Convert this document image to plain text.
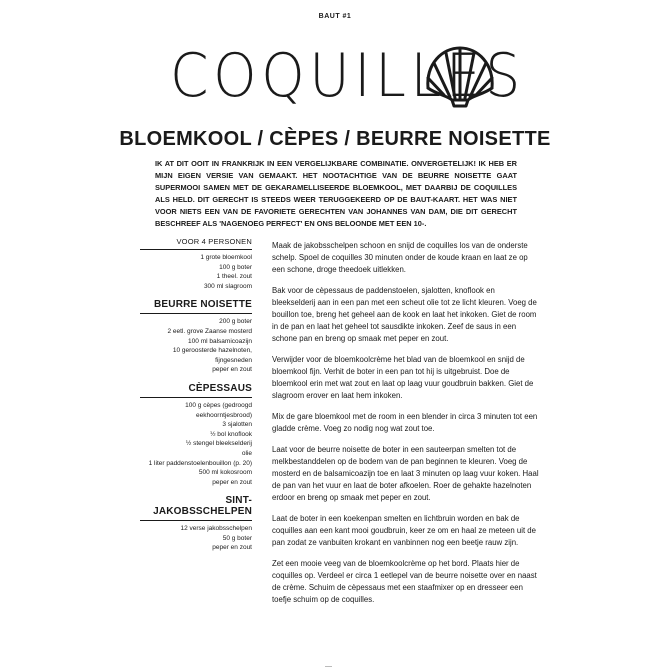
BAUT #1
COQUILLES
BLOEMKOOL / CÈPES / BEURRE NOISETTE
IK AT DIT OOIT IN FRANKRIJK IN EEN VERGELIJKBARE COMBINATIE. ONVERGETELIJK! IK HEB ER MIJN EIGEN VERSIE VAN GEMAAKT. HET NOOTACHTIGE VAN DE BEURRE NOISETTE GAAT SUPERMOOI SAMEN MET DE GEKARAMELLISEERDE BLOEMKOOL, MET DAARBIJ DE COQUILLES ALS HELD. DIT GERECHT IS STEEDS WEER TERUGGEKEERD OP DE BAUT-KAART. HET WAS NIET VOOR NIETS EEN VAN DE FAVORIETE GERECHTEN VAN JOHANNES VAN DAM, DIE DIT GERECHT BESCHREEF ALS 'NAGENOEG PERFECT' EN ONS BELOONDE MET EEN 10-.
VOOR 4 PERSONEN
1 grote bloemkool
100 g boter
1 theel. zout
300 ml slagroom
BEURRE NOISETTE
200 g boter
2 eetl. grove Zaanse mosterd
100 ml balsamicoazijn
10 geroosterde hazelnoten,
fijngesneden
peper en zout
CÈPESSAUS
100 g cèpes (gedroogd
eekhoorntjesbrood)
3 sjalotten
½ bol knoflook
½ stengel bleekselderij
olie
1 liter paddenstoelenbouillon (p. 20)
500 ml kokosroom
peper en zout
SINT-JAKOBSSCHELPEN
12 verse jakobsschelpen
50 g boter
peper en zout

Maak de jakobsschelpen schoon en snijd de coquilles los van de onderste schelp. Spoel de coquilles 30 minuten onder de koude kraan en laat ze op een schone, droge theedoek uitlekken.

Bak voor de cèpessaus de paddenstoelen, sjalotten, knoflook en bleekselderij aan in een pan met een scheut olie tot ze licht kleuren. Voeg de bouillon toe, breng het geheel aan de kook en laat het inkoken. Giet de room in de pan en laat het geheel tot sausdikte inkoken. Zeef de saus in een schone pan en breng op smaak met peper en zout.

Verwijder voor de bloemkoolcrème het blad van de bloemkool en snijd de bloemkool fijn. Verhit de boter in een pan tot hij is uitgebruist. Doe de bloemkool erin met wat zout en laat op laag vuur goudbruin bakken. Giet de slagroom erover en laat hem inkoken.

Mix de gare bloemkool met de room in een blender in circa 3 minuten tot een gladde crème. Voeg zo nodig nog wat zout toe.

Laat voor de beurre noisette de boter in een sauteerpan smelten tot de melkbestanddelen op de bodem van de pan beginnen te kleuren. Voeg de mosterd en de balsamicoazijn toe en laat 3 minuten op laag vuur koken. Haal de pan van het vuur en laat de boter afkoelen. Roer de gehakte hazelnoten erdoor en breng op smaak met peper en zout.

Laat de boter in een koekenpan smelten en lichtbruin worden en bak de coquilles aan een kant mooi goudbruin, keer ze om en haal ze meteen uit de pan zodat ze vanbuiten krokant en vanbinnen nog een beetje rauw zijn.

Zet een mooie veeg van de bloemkoolcrème op het bord. Plaats hier de coquilles op. Verdeel er circa 1 eetlepel van de beurre noisette over en naast de crème. Schuim de cèpessaus met een staafmixer op en dresseer een toefje schuim op de coquilles.

—
